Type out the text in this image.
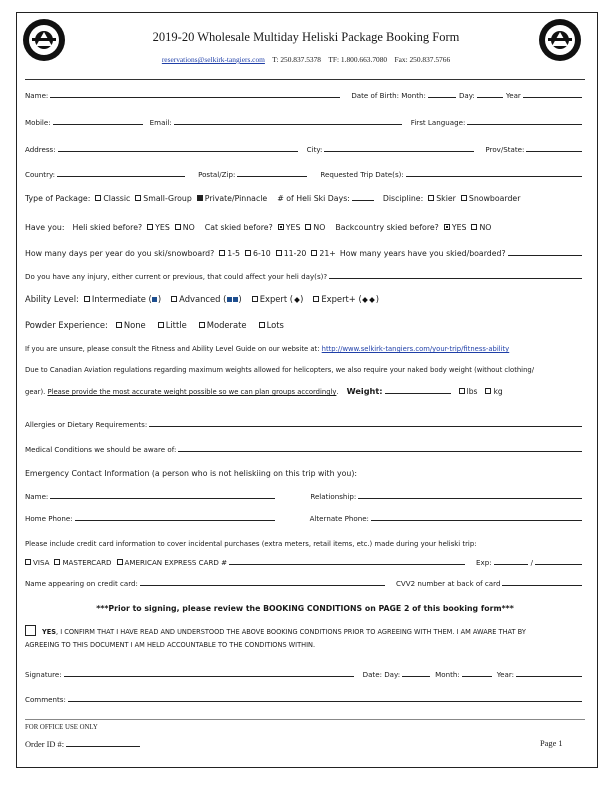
2019-20 Wholesale Multiday Heliski Package Booking Form
reservations@selkirk-tangiers.com T: 250.837.5378 TF: 1.800.663.7080 Fax: 250.837.5766
Name:	Date of Birth: Month:	Day:	Year
Mobile:	Email:	First Language:
Address:	City:	Prov/State:
Country:	Postal/Zip:	Requested Trip Date(s):
Type of Package: Classic Small-Group Private/Pinnacle # of Heli Ski Days:	Discipline: Skier Snowboarder
Have you: Heli skied before? YES NO Cat skied before? YES NO Backcountry skied before? YES NO
How many days per year do you ski/snowboard? 1-5 6-10 11-20 21+ How many years have you skied/boarded?
Do you have any injury, either current or previous, that could affect your heli day(s)?
Ability Level: Intermediate ( ) Advanced ( ) Expert ( ) Expert+ ( )
Powder Experience: None Little Moderate Lots
If you are unsure, please consult the Fitness and Ability Level Guide on our website at:
http://www.selkirk-tangiers.com/your-trip/fitness-ability
Due to Canadian Aviation regulations regarding maximum weights allowed for helicopters, we also require your naked body weight (without clothing/
gear).
Please provide the most accurate weight possible so we can plan groups accordingly . Weight:	lbs kg
Allergies or Dietary Requirements:
Medical Conditions we should be aware of:
Emergency Contact Information (a person who is not heliskiing on this trip with you):
Name:	Relationship:
Home Phone:	Alternate Phone:
Please include credit card information to cover incidental purchases (extra meters, retail items, etc.) made during your heliski trip:
VISA MASTERCARD AMERICAN EXPRESS CARD #	Exp:	/
Name appearing on credit card:	CVV2 number at back of card
***Prior to signing, please review the BOOKING CONDITIONS on PAGE 2 of this booking form***
YES, I CONFIRM THAT I HAVE READ AND UNDERSTOOD THE ABOVE BOOKING CONDITIONS PRIOR TO AGREEING WITH THEM. I AM AWARE THAT BY
AGREEING TO THIS DOCUMENT I AM HELD ACCOUNTABLE TO THE CONDITIONS WITHIN.
Signature:	Date: Day:	Month:	Year:
Comments:
FOR OFFICE USE ONLY
Order ID #:	Page 1
